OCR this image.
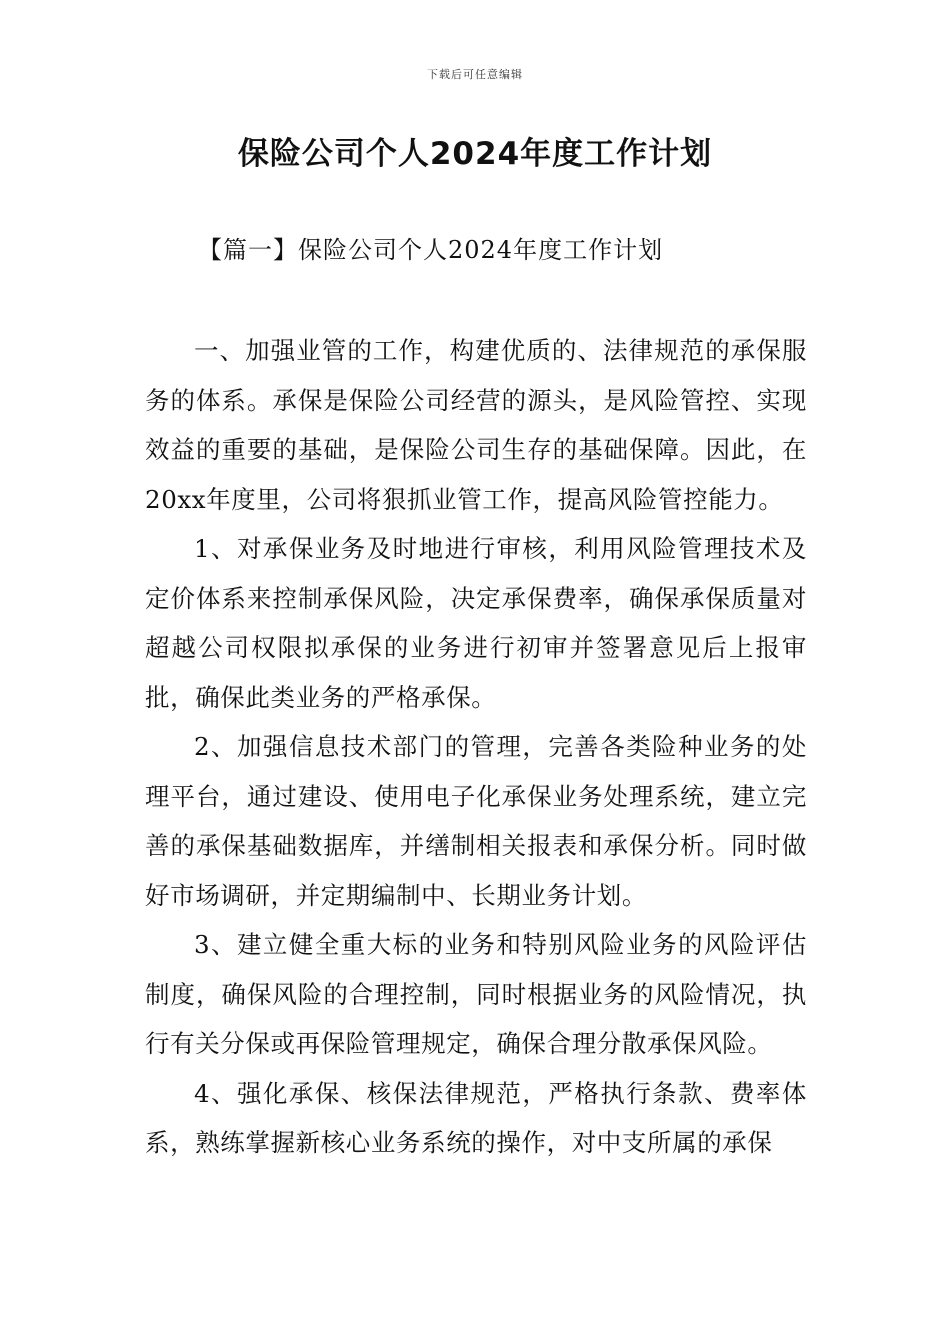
下载后可任意编辑
保险公司个人2024年度工作计划
【篇一】保险公司个人2024年度工作计划

一、加强业管的工作，构建优质的、法律规范的承保服务的体系。承保是保险公司经营的源头，是风险管控、实现效益的重要的基础，是保险公司生存的基础保障。因此，在20xx年度里，公司将狠抓业管工作，提高风险管控能力。

1、对承保业务及时地进行审核，利用风险管理技术及定价体系来控制承保风险，决定承保费率，确保承保质量对超越公司权限拟承保的业务进行初审并签署意见后上报审批，确保此类业务的严格承保。

2、加强信息技术部门的管理，完善各类险种业务的处理平台，通过建设、使用电子化承保业务处理系统，建立完善的承保基础数据库，并缮制相关报表和承保分析。同时做好市场调研，并定期编制中、长期业务计划。

3、建立健全重大标的业务和特别风险业务的风险评估制度，确保风险的合理控制，同时根据业务的风险情况，执行有关分保或再保险管理规定，确保合理分散承保风险。

4、强化承保、核保法律规范，严格执行条款、费率体系，熟练掌握新核心业务系统的操作，对中支所属的承保
